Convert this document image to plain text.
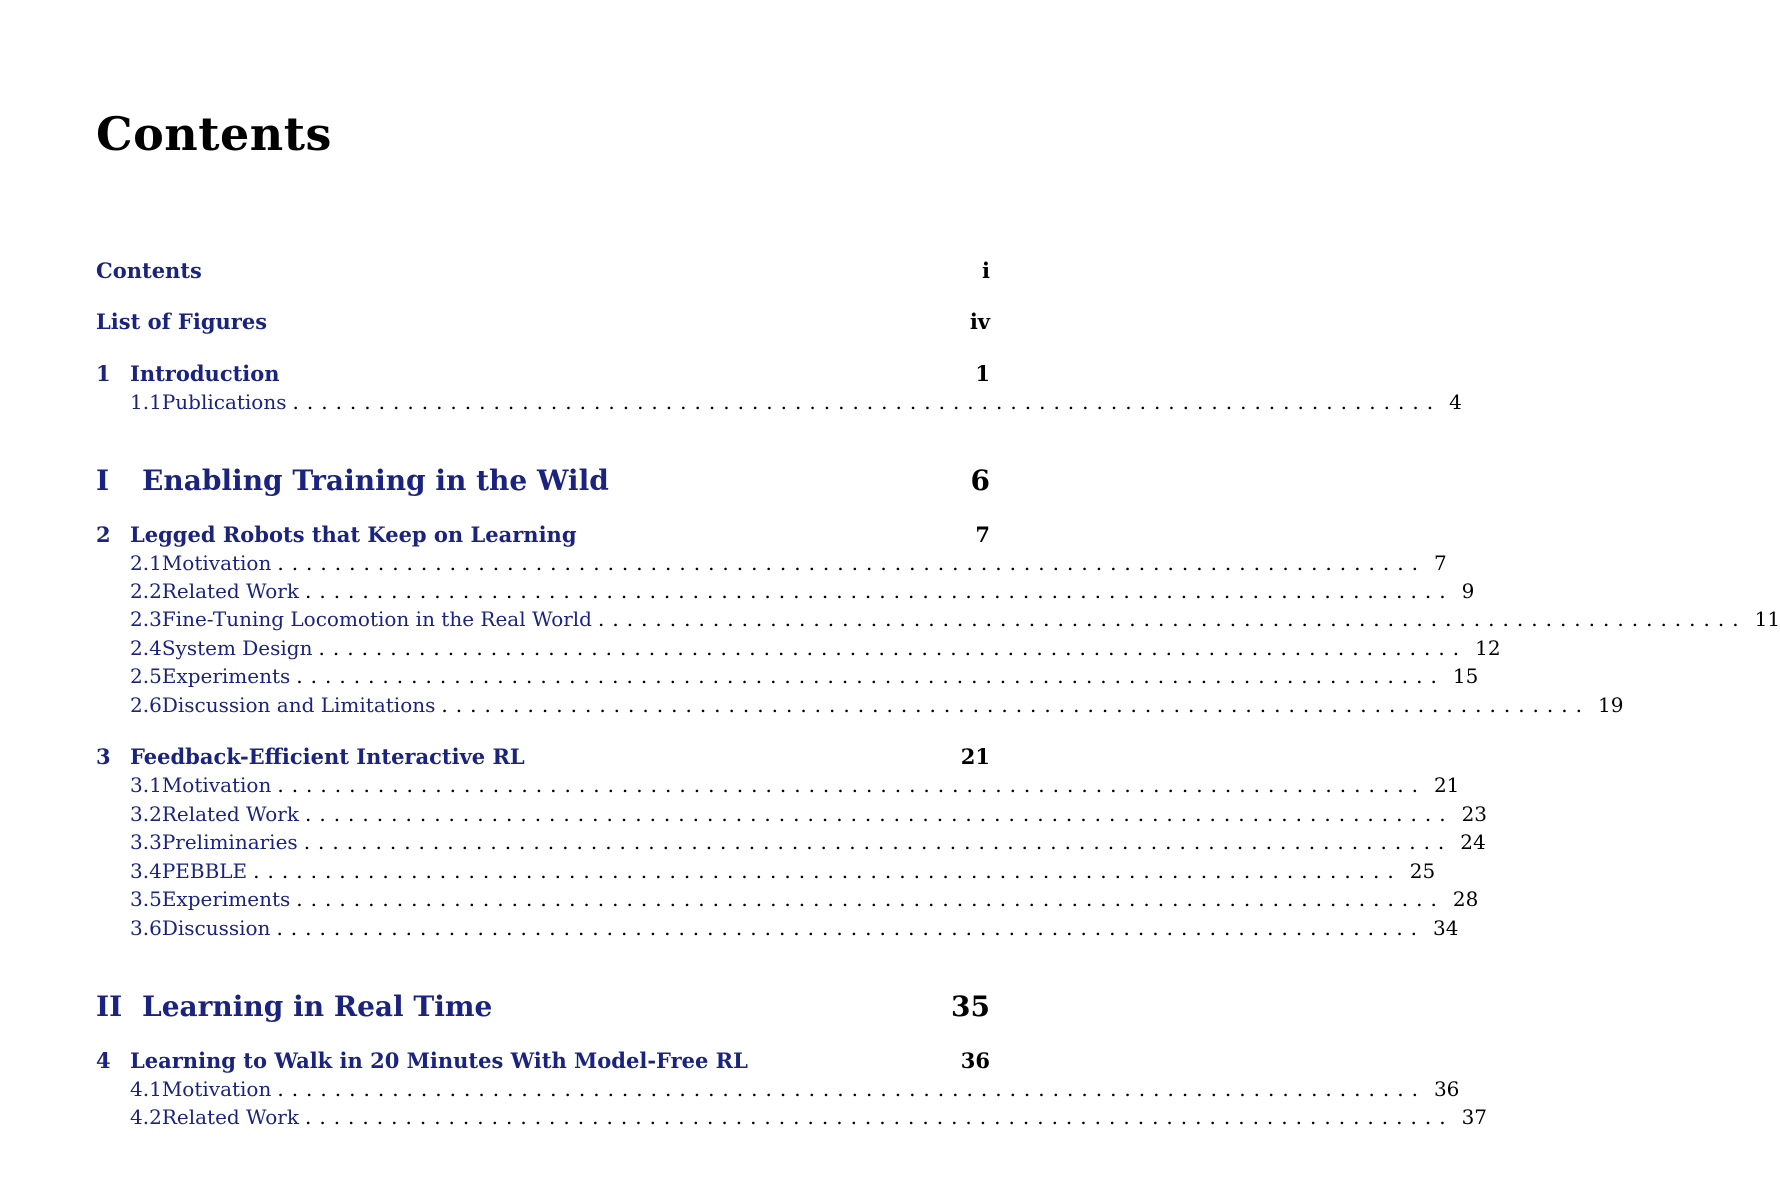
Contents
Contents	i
List of Figures	iv
1 Introduction	1
1.1 Publications ................................................................................ 4
I	Enabling Training in the Wild	6
2 Legged Robots that Keep on Learning	7
2.1 Motivation ................................................................................ 7
2.2 Related Work ................................................................................ 9
2.3 Fine-Tuning Locomotion in the Real World ................................................................................ 11
2.4 System Design ................................................................................ 12
2.5 Experiments ................................................................................ 15
2.6 Discussion and Limitations ................................................................................ 19
3 Feedback-Efficient Interactive RL	21
3.1 Motivation ................................................................................ 21
3.2 Related Work ................................................................................ 23
3.3 Preliminaries ................................................................................ 24
3.4 PEBBLE ................................................................................ 25
3.5 Experiments ................................................................................ 28
3.6 Discussion ................................................................................ 34
II Learning in Real Time	35
4 Learning to Walk in 20 Minutes With Model-Free RL	36
4.1 Motivation ................................................................................ 36
4.2 Related Work ................................................................................ 37
